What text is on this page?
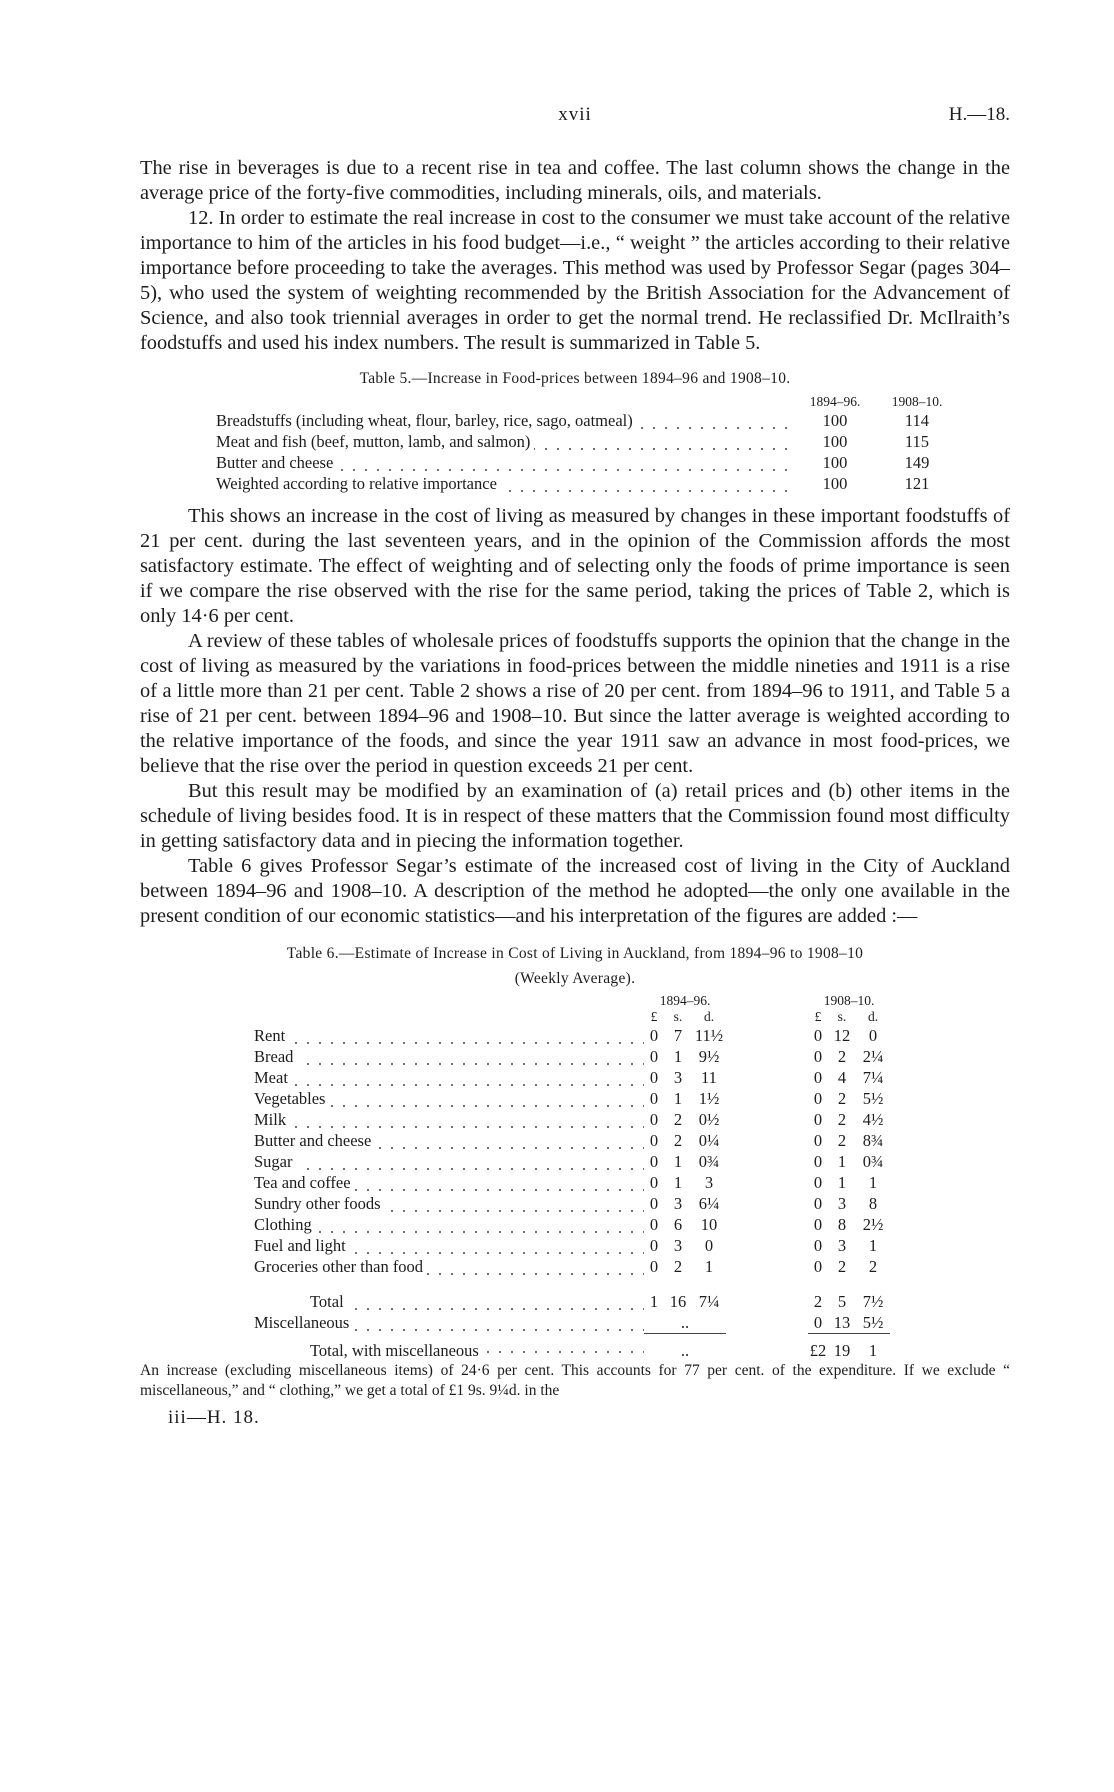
xvii	H.—18.

The rise in beverages is due to a recent rise in tea and coffee. The last column shows the change in the average price of the forty-five commodities, including minerals, oils, and materials.

12. In order to estimate the real increase in cost to the consumer we must take account of the relative importance to him of the articles in his food budget—i.e., “ weight ” the articles according to their relative importance before proceeding to take the averages. This method was used by Professor Segar (pages 304–5), who used the system of weighting recommended by the British Association for the Advancement of Science, and also took triennial averages in order to get the normal trend. He reclassified Dr. McIlraith’s foodstuffs and used his index numbers. The result is summarized in Table 5.

Table 5.—Increase in Food-prices between 1894–96 and 1908–10.
	1894–96.	1908–10.
Breadstuffs (including wheat, flour, barley, rice, sago, oatmeal)	100	114
Meat and fish (beef, mutton, lamb, and salmon)	100	115
Butter and cheese	100	149
Weighted according to relative importance	100	121

This shows an increase in the cost of living as measured by changes in these important foodstuffs of 21 per cent. during the last seventeen years, and in the opinion of the Commission affords the most satisfactory estimate. The effect of weighting and of selecting only the foods of prime importance is seen if we compare the rise observed with the rise for the same period, taking the prices of Table 2, which is only 14·6 per cent.

A review of these tables of wholesale prices of foodstuffs supports the opinion that the change in the cost of living as measured by the variations in food-prices between the middle nineties and 1911 is a rise of a little more than 21 per cent. Table 2 shows a rise of 20 per cent. from 1894–96 to 1911, and Table 5 a rise of 21 per cent. between 1894–96 and 1908–10. But since the latter average is weighted according to the relative importance of the foods, and since the year 1911 saw an advance in most food-prices, we believe that the rise over the period in question exceeds 21 per cent.

But this result may be modified by an examination of (a) retail prices and (b) other items in the schedule of living besides food. It is in respect of these matters that the Commission found most difficulty in getting satisfactory data and in piecing the information together.

Table 6 gives Professor Segar’s estimate of the increased cost of living in the City of Auckland between 1894–96 and 1908–10. A description of the method he adopted—the only one available in the present condition of our economic statistics—and his interpretation of the figures are added :—

Table 6.—Estimate of Increase in Cost of Living in Auckland, from 1894–96 to 1908–10
(Weekly Average).
	1894–96.				1908–10.		
	£	s.	d.		£	s.	d.
Rent	0	7	11½		0	12	0
Bread	0	1	9½		0	2	2¼
Meat	0	3	11		0	4	7¼
Vegetables	0	1	1½		0	2	5½
Milk	0	2	0½		0	2	4½
Butter and cheese	0	2	0¼		0	2	8¾
Sugar	0	1	0¾		0	1	0¾
Tea and coffee	0	1	3		0	1	1
Sundry other foods	0	3	6¼		0	3	8
Clothing	0	6	10		0	8	2½
Fuel and light	0	3	0		0	3	1
Groceries other than food	0	2	1		0	2	2

Total	1	16	7¼		2	5	7½
Miscellaneous	..				0	13	5½

Total, with miscellaneous	..				£2	19	1

An increase (excluding miscellaneous items) of 24·6 per cent. This accounts for 77 per cent. of the expenditure. If we exclude “ miscellaneous,” and “ clothing,” we get a total of £1 9s. 9¼d. in the

iii—H. 18.
